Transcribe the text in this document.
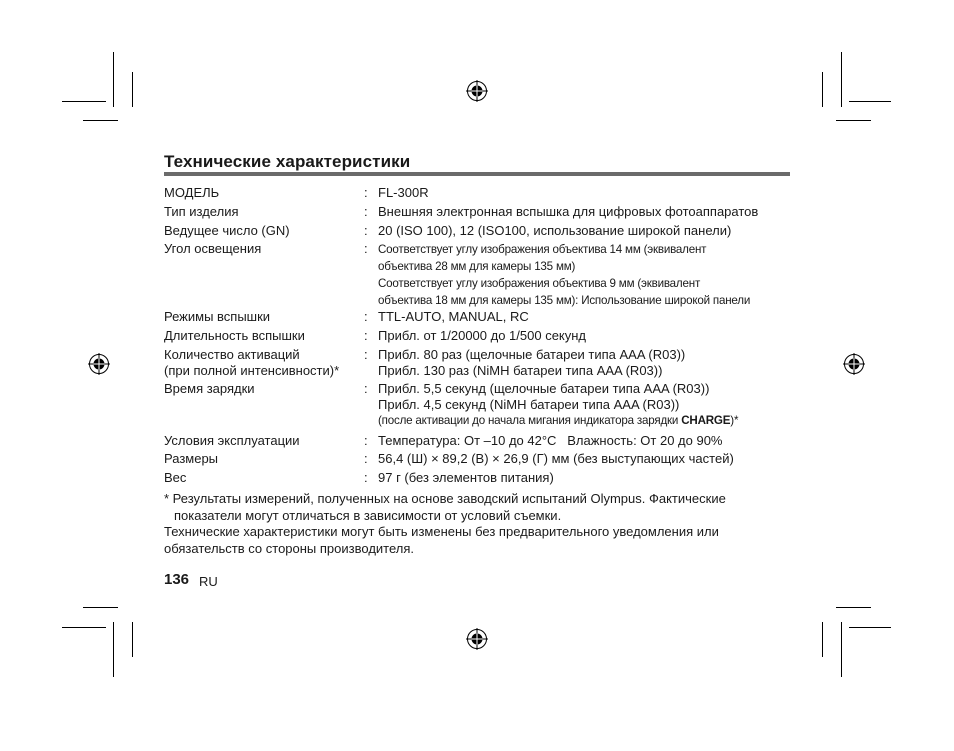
Технические характеристики
МОДЕЛЬ	: FL-300R
Тип изделия	: Внешняя электронная вспышка для цифровых фотоаппаратов
Ведущее число (GN)	: 20 (ISO 100), 12 (ISO100, использование широкой панели)
Угол освещения	: Соответствует углу изображения объектива 14 мм (эквивалент
объектива 28 мм для камеры 135 мм)
Соответствует углу изображения объектива 9 мм (эквивалент
объектива 18 мм для камеры 135 мм): Использование широкой панели
Режимы вспышки	: TTL-AUTO, MANUAL, RC
Длительность вспышки	: Прибл. от 1/20000 до 1/500 секунд
Количество активаций
(при полной интенсивности)*
: Прибл. 80 раз (щелочные батареи типа AAA (R03))
Прибл. 130 раз (NiMH батареи типа AAA (R03))
Время зарядки	: Прибл. 5,5 секунд (щелочные батареи типа AAA (R03))
Прибл. 4,5 секунд (NiMH батареи типа AAA (R03))
(после активации до начала мигания индикатора зарядки CHARGE)*
Условия эксплуатации	: Температура: От –10 до 42°C   Влажность: От 20 до 90%
Размеры	: 56,4 (Ш) × 89,2 (В) × 26,9 (Г) мм (без выступающих частей)
Вес	: 97 г (без элементов питания)

* Результаты измерений, полученных на основе заводский испытаний Olympus. Фактические

показатели могут отличаться в зависимости от условий съемки.

Технические характеристики могут быть изменены без предварительного уведомления или

обязательств со стороны производителя.

136 RU
